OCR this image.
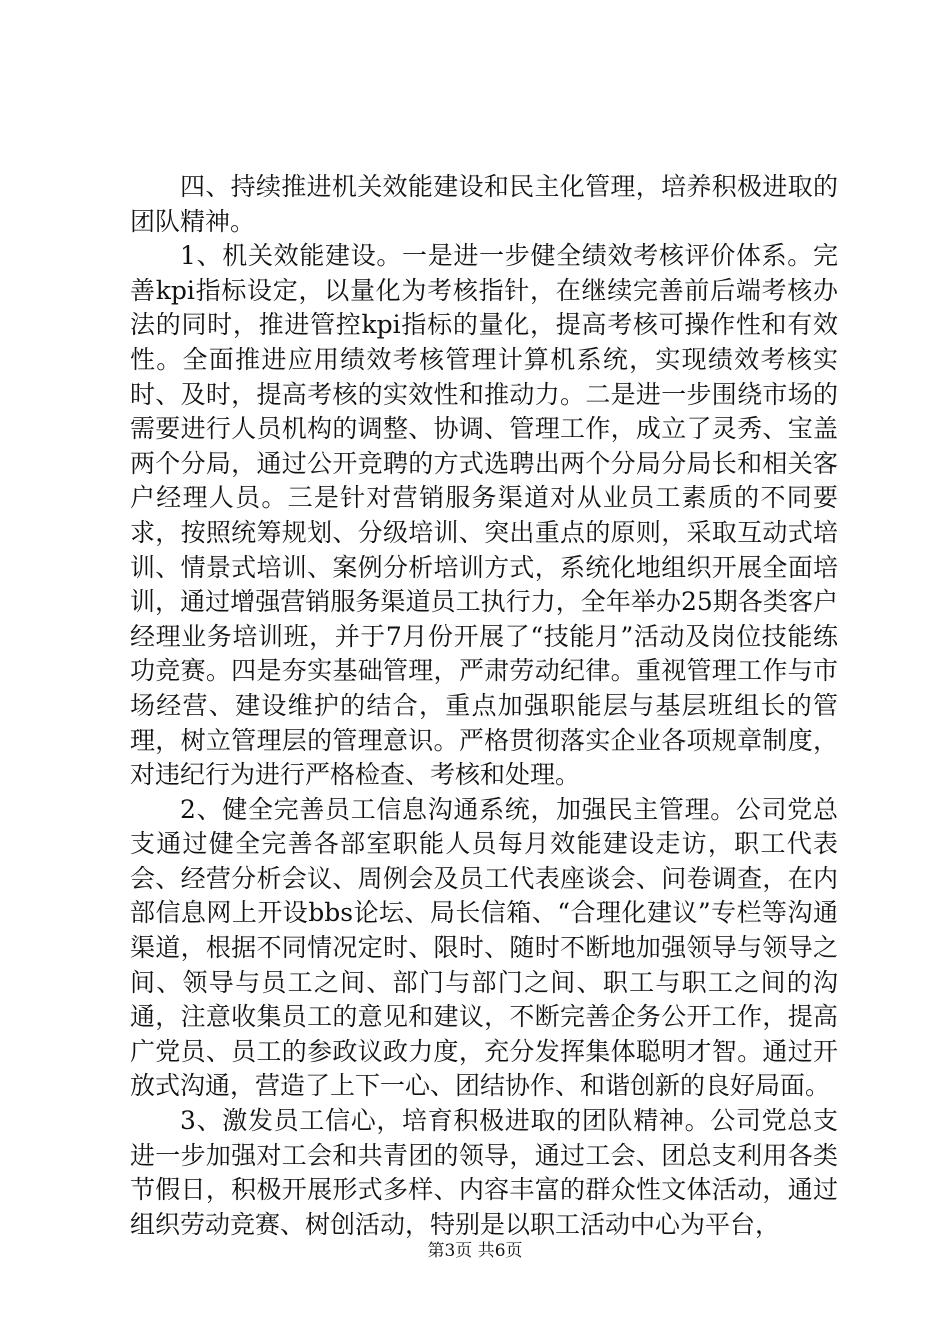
四、持续推进机关效能建设和民主化管理，培养积极进取的团队精神。

1、机关效能建设。一是进一步健全绩效考核评价体系。完善kpi指标设定，以量化为考核指针，在继续完善前后端考核办法的同时，推进管控kpi指标的量化，提高考核可操作性和有效性。全面推进应用绩效考核管理计算机系统，实现绩效考核实时、及时，提高考核的实效性和推动力。二是进一步围绕市场的需要进行人员机构的调整、协调、管理工作，成立了灵秀、宝盖两个分局，通过公开竞聘的方式选聘出两个分局分局长和相关客户经理人员。三是针对营销服务渠道对从业员工素质的不同要求，按照统筹规划、分级培训、突出重点的原则，采取互动式培训、情景式培训、案例分析培训方式，系统化地组织开展全面培训，通过增强营销服务渠道员工执行力，全年举办25期各类客户经理业务培训班，并于7月份开展了“技能月”活动及岗位技能练功竞赛。四是夯实基础管理，严肃劳动纪律。重视管理工作与市场经营、建设维护的结合，重点加强职能层与基层班组长的管理，树立管理层的管理意识。严格贯彻落实企业各项规章制度，对违纪行为进行严格检查、考核和处理。

2、健全完善员工信息沟通系统，加强民主管理。公司党总支通过健全完善各部室职能人员每月效能建设走访，职工代表会、经营分析会议、周例会及员工代表座谈会、问卷调查，在内部信息网上开设bbs论坛、局长信箱、“合理化建议”专栏等沟通渠道，根据不同情况定时、限时、随时不断地加强领导与领导之间、领导与员工之间、部门与部门之间、职工与职工之间的沟通，注意收集员工的意见和建议，不断完善企务公开工作，提高广党员、员工的参政议政力度，充分发挥集体聪明才智。通过开放式沟通，营造了上下一心、团结协作、和谐创新的良好局面。

3、激发员工信心，培育积极进取的团队精神。公司党总支进一步加强对工会和共青团的领导，通过工会、团总支利用各类节假日，积极开展形式多样、内容丰富的群众性文体活动，通过组织劳动竞赛、树创活动，特别是以职工活动中心为平台，

第3页 共6页
